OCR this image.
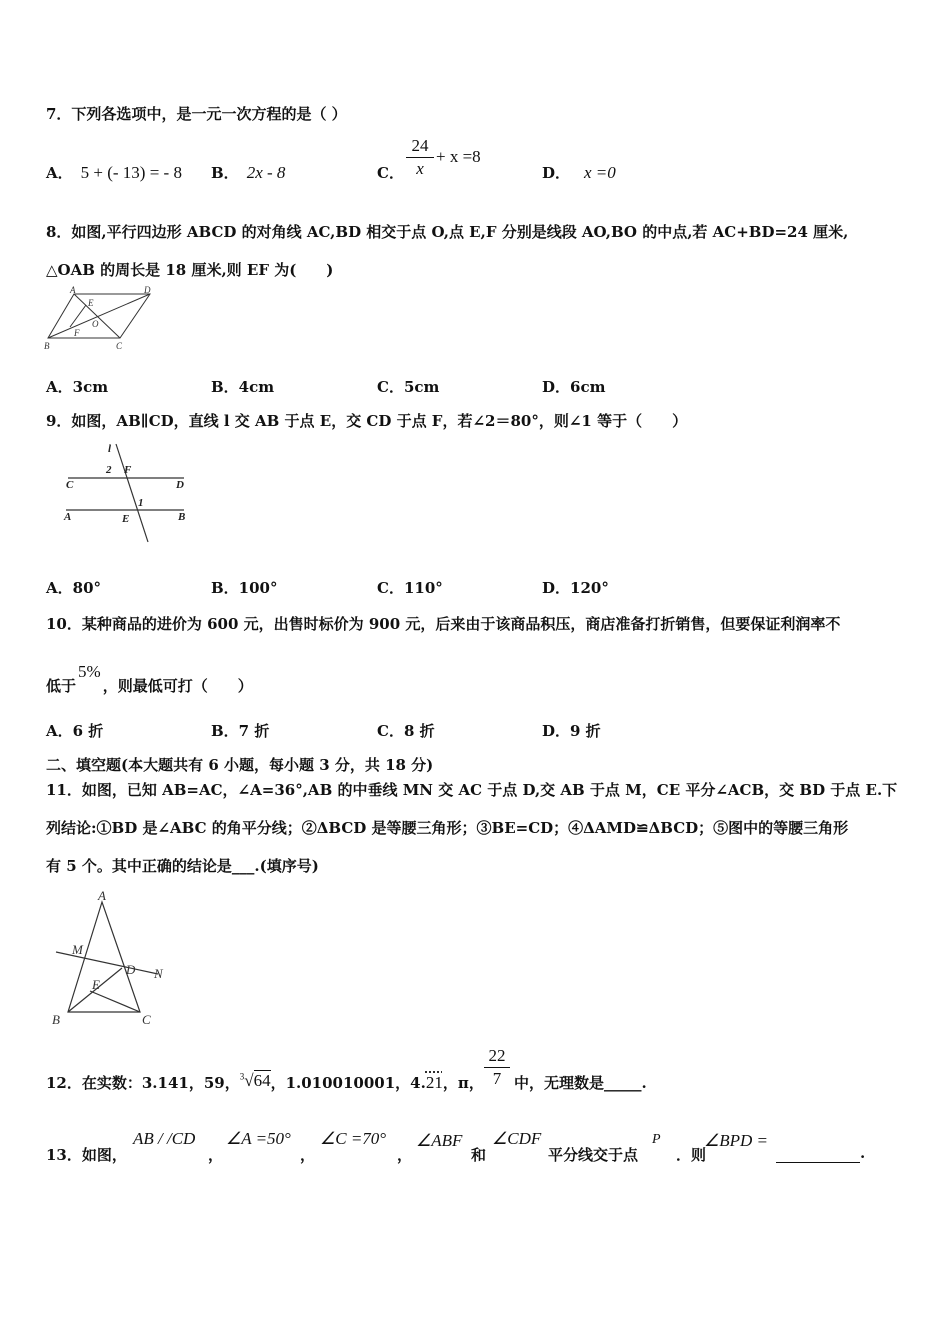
7．下列各选项中，是一元一次方程的是（ ）
A． 5 + (- 13) = - 8 B． 2x - 8	C．
24
x
+ x =8
D． x =0
8．如图,平行四边形 ABCD 的对角线 AC,BD 相交于点 O,点 E,F 分别是线段 AO,BO 的中点,若 AC+BD=24 厘米,
△OAB 的周长是 18 厘米,则 EF 为(　　)
A	D
E
O
F
B	C
A．3cm	B．4cm	C．5cm	D．6cm
9．如图，AB∥CD，直线 l 交 AB 于点 E，交 CD 于点 F，若∠2＝80°，则∠1 等于（　　）
l
2 F
C	D
1
A	E	B
A．80°	B．100°	C．110°	D．120°
10．某种商品的进价为 600 元，出售时标价为 900 元，后来由于该商品积压，商店准备打折销售，但要保证利润率不
低于5%，则最低可打（　　）
A．6 折	B．7 折	C．8 折	D．9 折
二、填空题(本大题共有 6 小题，每小题 3 分，共 18 分)
11．如图，已知 AB=AC，∠A=36°,AB 的中垂线 MN 交 AC 于点 D,交 AB 于点 M，CE 平分∠ACB，交 BD 于点 E.下
列结论:①BD 是∠ABC 的角平分线；②ΔBCD 是等腰三角形；③BE=CD；④ΔAMD≌ΔBCD；⑤图中的等腰三角形
有 5 个。其中正确的结论是___.(填序号)
A
M
D N
E
B	C
12．在实数：3.141，59，$^3$√64，1.010010001，4.21，π，
22
7 中，无理数是_____.
13．如图，
AB / /CD
，
∠A =50°
，
∠C =70°
，
∠ABF
和
∠CDF
平分线交于点
P
．则
∠BPD =
.
